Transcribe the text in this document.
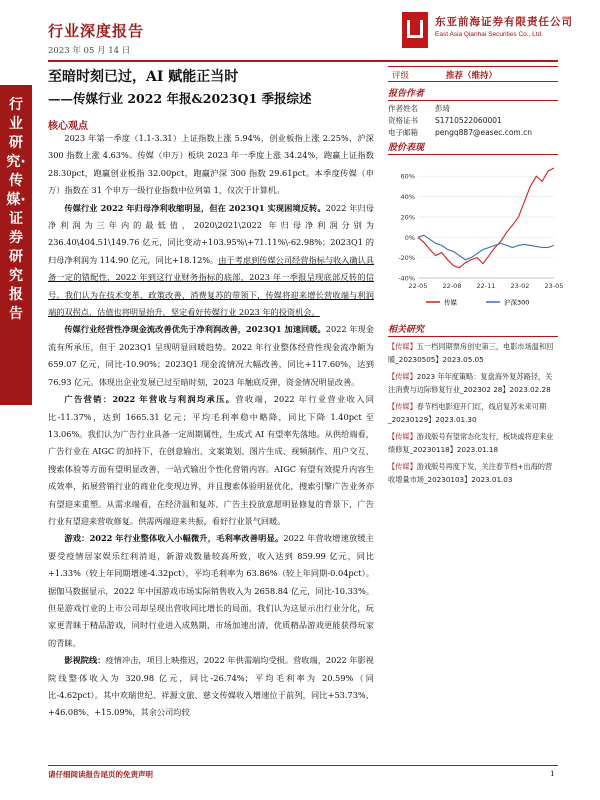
行业深度报告
2023 年 05 月 14 日
东亚前海证券有限责任公司
East Asia Qianhai Securities Co., Ltd.
行业研究·传媒·证券研究报告
至暗时刻已过，AI 赋能正当时
——传媒行业 2022 年报&2023Q1 季报综述
核心观点

2023 年第一季度（1.1-3.31）上证指数上涨 5.94%，创业板指上涨 2.25%，沪深 300 指数上涨 4.63%。传媒（申万）板块 2023 年一季度上涨 34.24%，跑赢上证指数 28.30pct，跑赢创业板指 32.00pct，跑赢沪深 300 指数 29.61pct。本季度传媒（申万）指数在 31 个申万一级行业指数中位列第 1，仅次于计算机。

传媒行业 2022 年归母净利收缩明显，但在 2023Q1 实现困境反转。2022 年归母净利润为三年内的最低值，2020\2021\2022 年归母净利润分别为 236.40\404.51\149.76 亿元，同比变动+103.95%\+71.11%\-62.98%；2023Q1 的归母净利润为 114.90 亿元，同比+18.12%。由于考虑到传媒公司经营指标与收入确认具备一定的错配性，2022 年到这行业财务指标的底部，2023 年一季报呈现底部反转的信号。我们认为在技术变革、政策改善、消费复苏的带领下，传媒将迎来增长营收端与利润端的双拐点，估值也将明显抬升，坚定看好传媒行业 2023 年的投资机会。

传媒行业经营性净现金流改善优先于净利润改善，2023Q1 加速回暖。2022 年现金流有所承压，但于 2023Q1 呈现明显回暖趋势。2022 年行业整体经营性现金流净额为 659.07 亿元，同比-10.90%；2023Q1 现金流情况大幅改善，同比+117.60%，达到 76.93 亿元。体现出企业发展已过至暗时刻，2023 年触底反弹，资金情况明显改善。

广告营销：2022 年营收与利润均承压。营收端，2022 年行业营业收入同比-11.37%，达到 1665.31 亿元；平均毛利率稳中略降，同比下降 1.40pct 至 13.06%。我们认为广告行业具备一定周期属性，生成式 AI 有望率先落地。从供给端看，广告行业在 AIGC 的加持下，在创意输出、文案策划、图片生成、视频制作、用户交互、搜索体验等方面有望明显改善，一站式输出个性化营销内容。AIGC 有望有效提升内容生成效率，拓展营销行业的商业化变现边界，并且搜索体验明显优化，搜索引擎广告业务亦有望迎来重塑。从需求端看，在经济温和复苏、广告主投放意愿明显修复的背景下，广告行业有望迎来营收修复。供需两端迎来共振，看好行业景气回暖。

游戏：2022 年行业整体收入小幅微升，毛利率改善明显。2022 年营收增速放缓主要受疫情居家娱乐红利消退，新游戏数量较高所致，收入达到 859.99 亿元，同比+1.33%（较上年同期增速-4.32pct），平均毛利率为 63.86%（较上年同期-0.04pct）。据伽马数据显示，2022 年中国游戏市场实际销售收入为 2658.84 亿元，同比-10.33%。但是游戏行业的上市公司却呈现出营收同比增长的局面，我们认为这显示出行业分化，玩家更青睐于精品游戏，同时行业进入成熟期，市场加速出清，优质精品游戏更能获得玩家的青睐。

影视院线：疫情冲击，项目上映推迟，2022 年供需端均受损。营收端，2022 年影视院线整体收入为 320.98 亿元，同比-26.74%；平均毛利率为 20.59%（同比-4.62pct）。其中欢瑞世纪、祥源文旅、慈文传媒收入增速位于前列，同比+53.73%、+46.08%、+15.09%，其余公司均较

评级	推荐（维持）
报告作者
作者姓名 彭琦
资格证书 S1710522060001
电子邮箱 pengq887@easec.com.cn
股价表现
-40%
-20%
0%
20%
40%
60%
22-05 22-08 22-11 23-02 23-05
传媒	沪深300
相关研究
【传媒】五一档同期票房创史第三，电影市场温和回暖_20230505】2023.05.05
【传媒】2023 年年度策略：复盘海外复苏路径，关注消费与边际修复行业_202302 28】2023.02.28
【传媒】春节档电影迎开门红，线启复苏未来可期_20230129】2023.01.30
【传媒】游戏版号有望常态化发行，板块或将迎来业绩修复_20230118】2023.01.18
【传媒】游戏版号再度下发，关注春节档+出海的营收增量市场_20230103】2023.01.03
请仔细阅读报告尾页的免责声明	1
